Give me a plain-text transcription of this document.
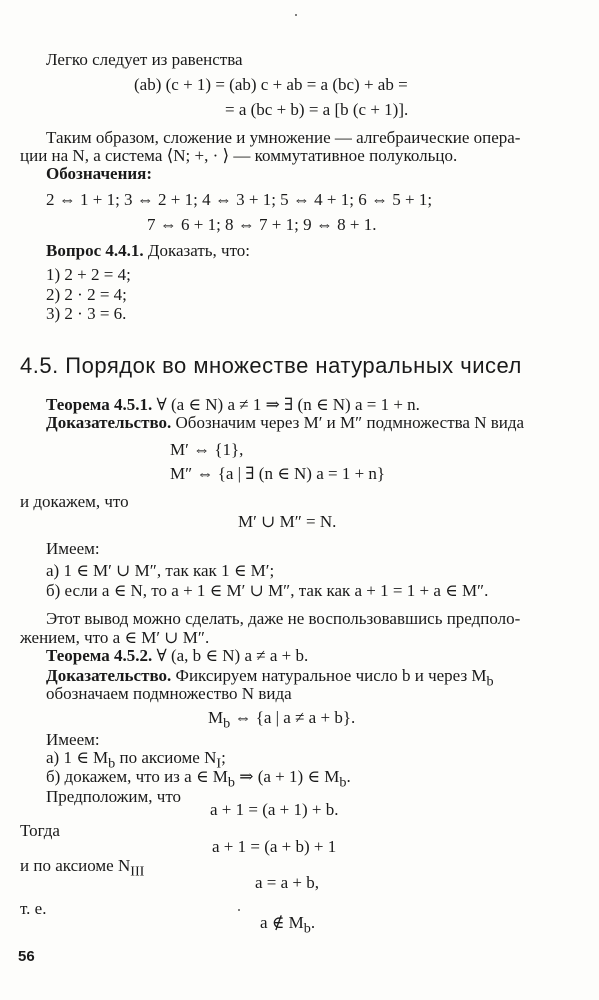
Легко следует из равенства
(ab) (c + 1) = (ab) c + ab = a (bc) + ab =
= a (bc + b) = a [b (c + 1)].
Таким образом, сложение и умножение — алгебраические опера-
ции на N, а система ⟨N; +, · ⟩ — коммутативное полукольцо.
Обозначения:
2 ⇔ 1 + 1; 3 ⇔ 2 + 1; 4 ⇔ 3 + 1; 5 ⇔ 4 + 1; 6 ⇔ 5 + 1;
7 ⇔ 6 + 1; 8 ⇔ 7 + 1; 9 ⇔ 8 + 1.
Вопрос 4.4.1. Доказать, что:
1) 2 + 2 = 4;
2) 2 · 2 = 4;
3) 2 · 3 = 6.
4.5. Порядок во множестве натуральных чисел
Теорема 4.5.1. ∀ (a ∈ N) a ≠ 1 ⇒ ∃ (n ∈ N) a = 1 + n.
Доказательство. Обозначим через M′ и M″ подмножества N вида
M′ ⇔ {1},
M″ ⇔ {a | ∃ (n ∈ N) a = 1 + n}
и докажем, что
M′ ∪ M″ = N.
Имеем:
а) 1 ∈ M′ ∪ M″, так как 1 ∈ M′;
б) если a ∈ N, то a + 1 ∈ M′ ∪ M″, так как a + 1 = 1 + a ∈ M″.
Этот вывод можно сделать, даже не воспользовавшись предполо-
жением, что a ∈ M′ ∪ M″.
Теорема 4.5.2. ∀ (a, b ∈ N) a ≠ a + b.
Доказательство. Фиксируем натуральное число b и через $M_b$
обозначаем подмножество N вида
$M_b$ ⇔ {a | a ≠ a + b}.
Имеем:
а) 1 ∈ $M_b$ по аксиоме $N_I$;
б) докажем, что из a ∈ $M_b$ ⇒ (a + 1) ∈ $M_b$.
Предположим, что
a + 1 = (a + 1) + b.
Тогда
a + 1 = (a + b) + 1
и по аксиоме $N_{III}$
a = a + b,
т. е.
a ∉ $M_b$.
56
